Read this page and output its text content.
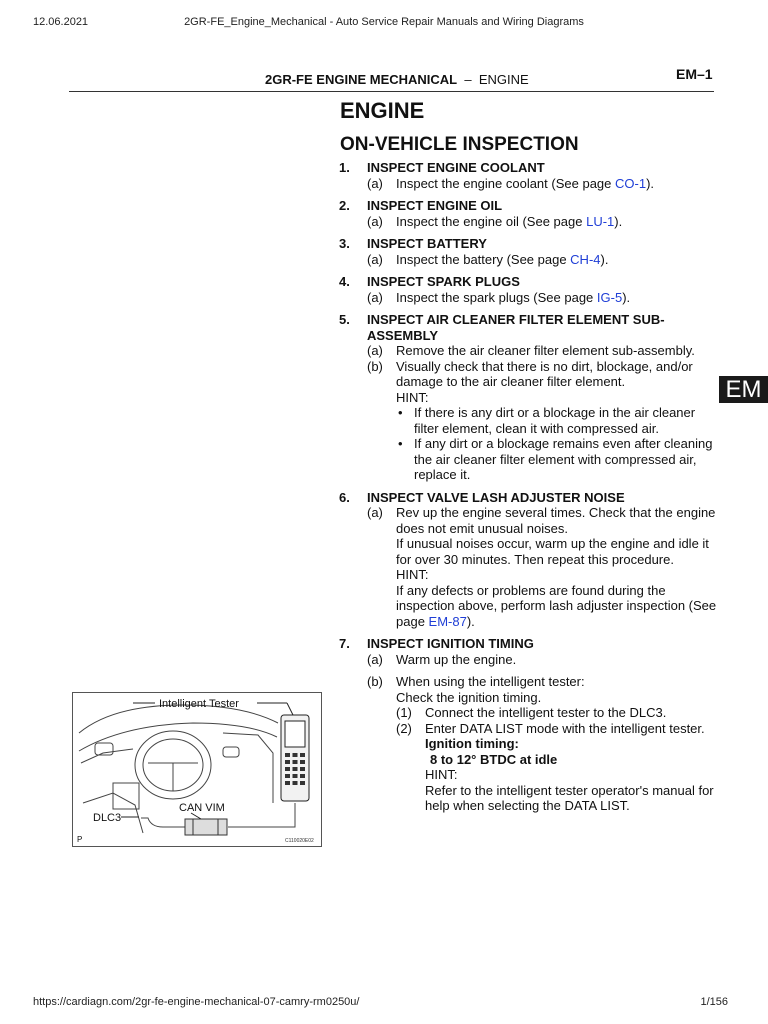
12.06.2021	2GR-FE_Engine_Mechanical - Auto Service Repair Manuals and Wiring Diagrams
2GR-FE ENGINE MECHANICAL – ENGINE	EM–1
EM
ENGINE
ON-VEHICLE INSPECTION
1.	INSPECT ENGINE COOLANT
(a)	Inspect the engine coolant (See page CO-1).
2.	INSPECT ENGINE OIL
(a)	Inspect the engine oil (See page LU-1).
3.	INSPECT BATTERY
(a)	Inspect the battery (See page CH-4).
4.	INSPECT SPARK PLUGS
(a)	Inspect the spark plugs (See page IG-5).
5.	INSPECT AIR CLEANER FILTER ELEMENT SUB-ASSEMBLY
(a)	Remove the air cleaner filter element sub-assembly.
(b)	Visually check that there is no dirt, blockage, and/or damage to the air cleaner filter element.
HINT:
• If there is any dirt or a blockage in the air cleaner filter element, clean it with compressed air.
• If any dirt or a blockage remains even after cleaning the air cleaner filter element with compressed air, replace it.
6.	INSPECT VALVE LASH ADJUSTER NOISE
(a)	Rev up the engine several times. Check that the engine does not emit unusual noises.
If unusual noises occur, warm up the engine and idle it for over 30 minutes. Then repeat this procedure.
HINT:
If any defects or problems are found during the inspection above, perform lash adjuster inspection (See page EM-87).
7.	INSPECT IGNITION TIMING
(a)	Warm up the engine.
(b)	When using the intelligent tester:
Check the ignition timing.
(1)	Connect the intelligent tester to the DLC3.
(2)	Enter DATA LIST mode with the intelligent tester.
Ignition timing:
8 to 12° BTDC at idle
HINT:
Refer to the intelligent tester operator's manual for help when selecting the DATA LIST.
Intelligent Tester
CAN VIM
DLC3
P	C110020E02
https://cardiagn.com/2gr-fe-engine-mechanical-07-camry-rm0250u/	1/156
